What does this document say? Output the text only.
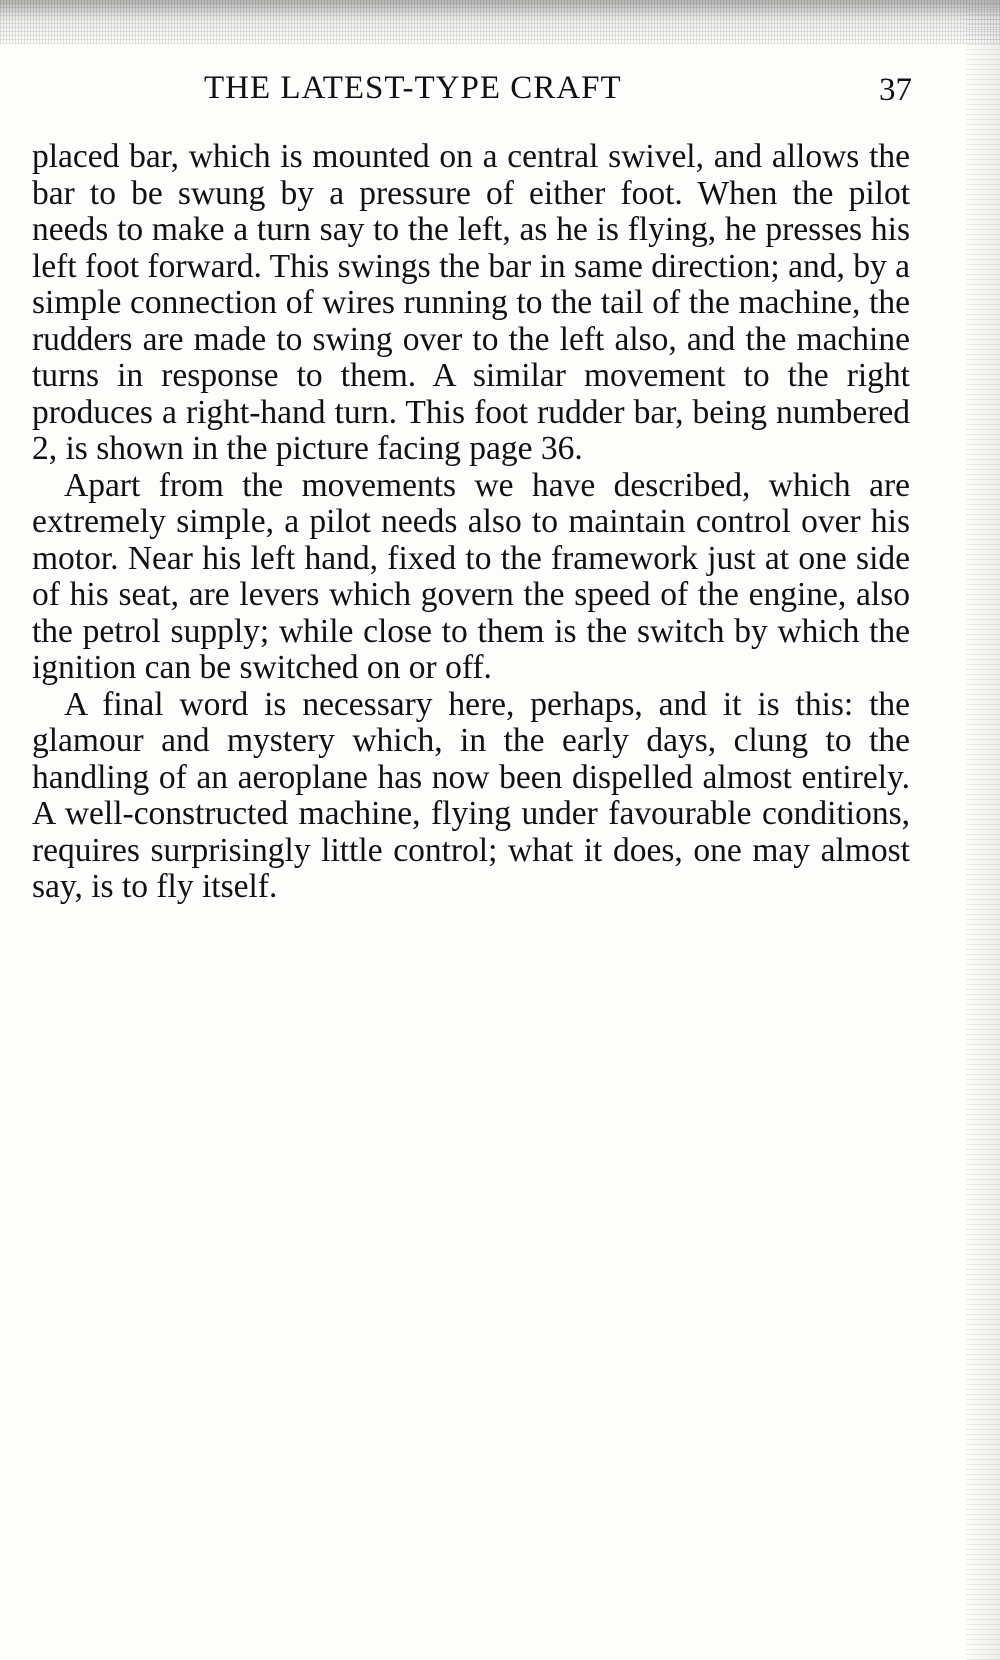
THE LATEST-TYPE CRAFT	37

placed bar, which is mounted on a central swivel, and allows the bar to be swung by a pressure of either foot. When the pilot needs to make a turn say to the left, as he is flying, he presses his left foot forward. This swings the bar in same direction; and, by a simple connection of wires running to the tail of the machine, the rudders are made to swing over to the left also, and the machine turns in response to them. A similar movement to the right produces a right-hand turn. This foot rudder bar, being numbered 2, is shown in the picture facing page 36.

Apart from the movements we have described, which are extremely simple, a pilot needs also to maintain control over his motor. Near his left hand, fixed to the framework just at one side of his seat, are levers which govern the speed of the engine, also the petrol supply; while close to them is the switch by which the ignition can be switched on or off.

A final word is necessary here, perhaps, and it is this: the glamour and mystery which, in the early days, clung to the handling of an aeroplane has now been dispelled almost entirely. A well-constructed machine, flying under favourable conditions, requires surprisingly little control; what it does, one may almost say, is to fly itself.
